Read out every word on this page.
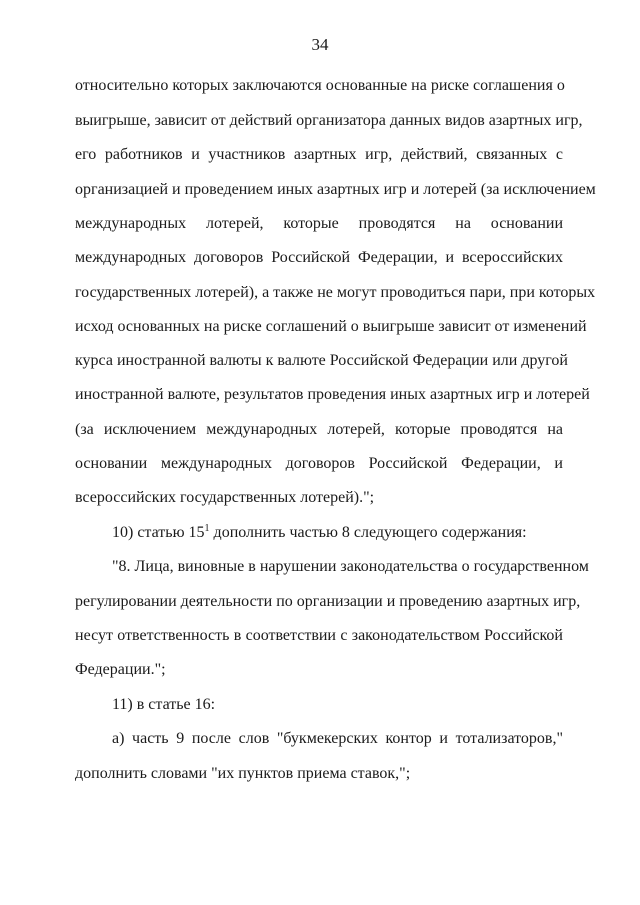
34
относительно которых заключаются основанные на риске соглашения о
выигрыше, зависит от действий организатора данных видов азартных игр,
его работников и участников азартных игр, действий, связанных с
организацией и проведением иных азартных игр и лотерей (за исключением
международных лотерей, которые проводятся на основании
международных договоров Российской Федерации, и всероссийских
государственных лотерей), а также не могут проводиться пари, при которых
исход основанных на риске соглашений о выигрыше зависит от изменений
курса иностранной валюты к валюте Российской Федерации или другой
иностранной валюте, результатов проведения иных азартных игр и лотерей
(за исключением международных лотерей, которые проводятся на
основании международных договоров Российской Федерации, и
всероссийских государственных лотерей).";
10) статью $15^1$ дополнить частью 8 следующего содержания:
"8. Лица, виновные в нарушении законодательства о государственном
регулировании деятельности по организации и проведению азартных игр,
несут ответственность в соответствии с законодательством Российской
Федерации.";
11) в статье 16:
а) часть 9 после слов "букмекерских контор и тотализаторов,"
дополнить словами "их пунктов приема ставок,";
